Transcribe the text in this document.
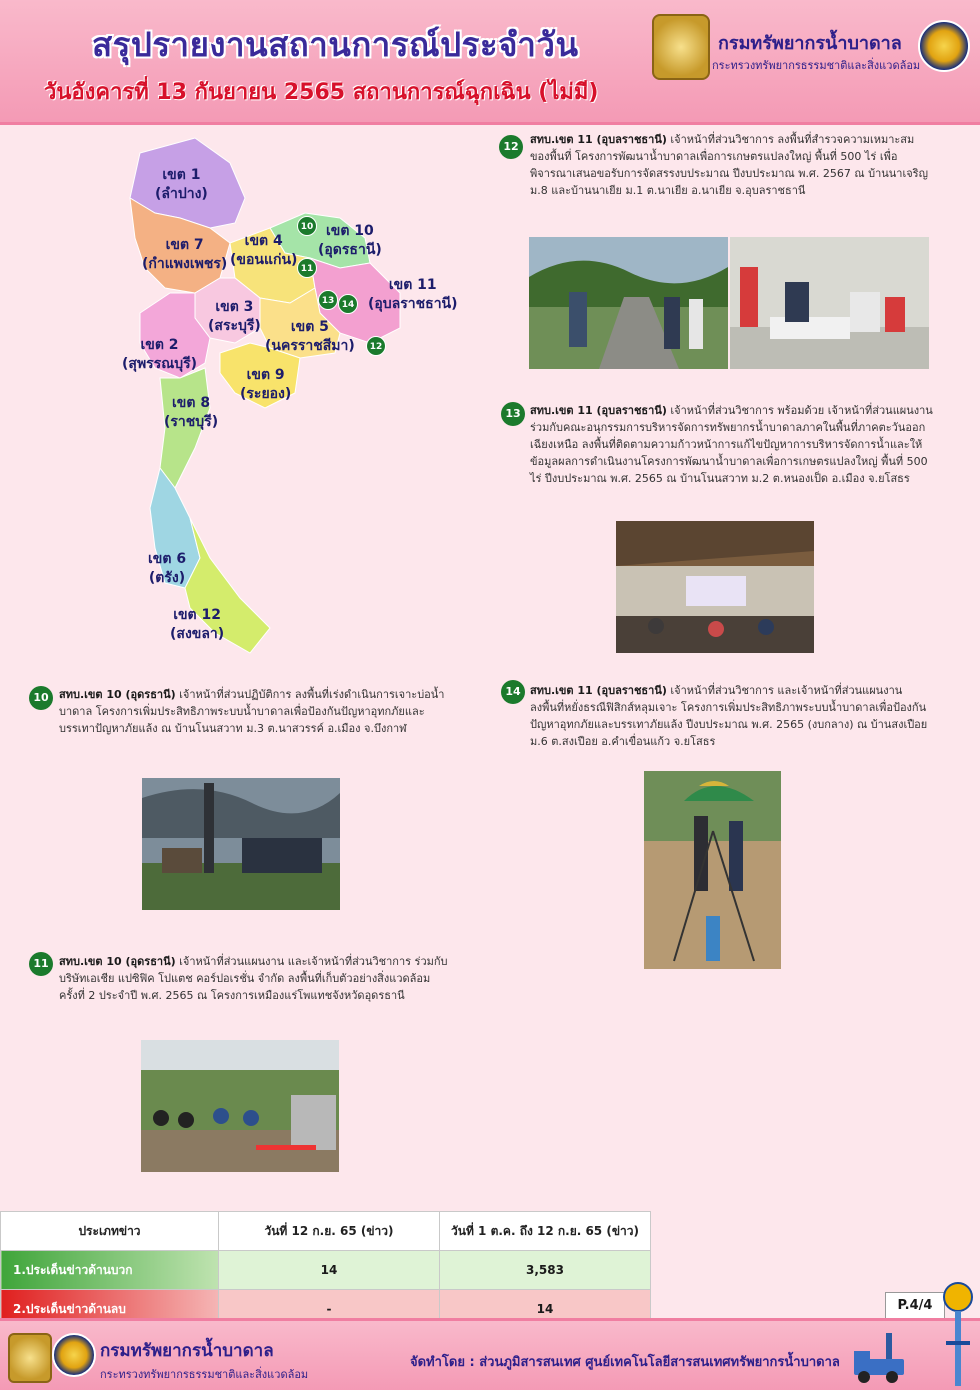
สรุปรายงานสถานการณ์ประจำวัน
วันอังคารที่ 13 กันยายน 2565 สถานการณ์ฉุกเฉิน (ไม่มี)
กรมทรัพยากรน้ำบาดาล
กระทรวงทรัพยากรธรรมชาติและสิ่งแวดล้อม
เขต 1
(ลำปาง)
เขต 7
(กำแพงเพชร)
เขต 4
(ขอนแก่น)
เขต 10
(อุดรธานี)
เขต 11
(อุบลราชธานี)
เขต 3
(สระบุรี)	เขต 5
(นครราชสีมา)
เขต 2
(สุพรรณบุรี)
เขต 9
(ระยอง)
เขต 8
(ราชบุรี)
เขต 6
(ตรัง)
เขต 12
(สงขลา)
10
11
13 14
12
12
สทบ.เขต 11 (อุบลราชธานี) เจ้าหน้าที่ส่วนวิชาการ ลงพื้นที่สำรวจความเหมาะสมของพื้นที่ โครงการพัฒนาน้ำบาดาลเพื่อการเกษตรแปลงใหญ่ พื้นที่ 500 ไร่ เพื่อพิจารณาเสนอขอรับการจัดสรรงบประมาณ ปีงบประมาณ พ.ศ. 2567 ณ บ้านนาเจริญ ม.8 และบ้านนาเยีย ม.1 ต.นาเยีย อ.นาเยีย จ.อุบลราชธานี
13 สทบ.เขต 11 (อุบลราชธานี) เจ้าหน้าที่ส่วนวิชาการ พร้อมด้วย เจ้าหน้าที่ส่วนแผนงาน ร่วมกับคณะอนุกรรมการบริหารจัดการทรัพยากรน้ำบาดาลภาคในพื้นที่ภาคตะวันออกเฉียงเหนือ ลงพื้นที่ติดตามความก้าวหน้าการแก้ไขปัญหาการบริหารจัดการน้ำและให้ข้อมูลผลการดำเนินงานโครงการพัฒนาน้ำบาดาลเพื่อการเกษตรแปลงใหญ่ พื้นที่ 500 ไร่ ปีงบประมาณ พ.ศ. 2565 ณ บ้านโนนสวาท ม.2 ต.หนองเป็ด อ.เมือง จ.ยโสธร
10 สทบ.เขต 10 (อุดรธานี) เจ้าหน้าที่ส่วนปฏิบัติการ ลงพื้นที่เร่งดำเนินการเจาะบ่อน้ำบาดาล โครงการเพิ่มประสิทธิภาพระบบน้ำบาดาลเพื่อป้องกันปัญหาอุทกภัยและบรรเทาปัญหาภัยแล้ง ณ บ้านโนนสวาท ม.3 ต.นาสวรรค์ อ.เมือง จ.บึงกาฬ
14 สทบ.เขต 11 (อุบลราชธานี) เจ้าหน้าที่ส่วนวิชาการ และเจ้าหน้าที่ส่วนแผนงาน ลงพื้นที่หยั่งธรณีฟิสิกส์หลุมเจาะ โครงการเพิ่มประสิทธิภาพระบบน้ำบาดาลเพื่อป้องกันปัญหาอุทกภัยและบรรเทาภัยแล้ง ปีงบประมาณ พ.ศ. 2565 (งบกลาง) ณ บ้านสงเปือย ม.6 ต.สงเปือย อ.คำเขื่อนแก้ว จ.ยโสธร
11 สทบ.เขต 10 (อุดรธานี) เจ้าหน้าที่ส่วนแผนงาน และเจ้าหน้าที่ส่วนวิชาการ ร่วมกับบริษัทเอเชีย แปซิฟิค โปแตช คอร์ปอเรชั่น จำกัด ลงพื้นที่เก็บตัวอย่างสิ่งแวดล้อม ครั้งที่ 2 ประจำปี พ.ศ. 2565 ณ โครงการเหมืองแร่โพแทชจังหวัดอุดรธานี
ประเภทข่าว	วันที่ 12 ก.ย. 65 (ข่าว)	วันที่ 1 ต.ค. ถึง 12 ก.ย. 65 (ข่าว)
1.ประเด็นข่าวด้านบวก	14	3,583
2.ประเด็นข่าวด้านลบ	-	14	P.4/4
กรมทรัพยากรน้ำบาดาล
กระทรวงทรัพยากรธรรมชาติและสิ่งแวดล้อม
จัดทำโดย : ส่วนภูมิสารสนเทศ ศูนย์เทคโนโลยีสารสนเทศทรัพยากรน้ำบาดาล
